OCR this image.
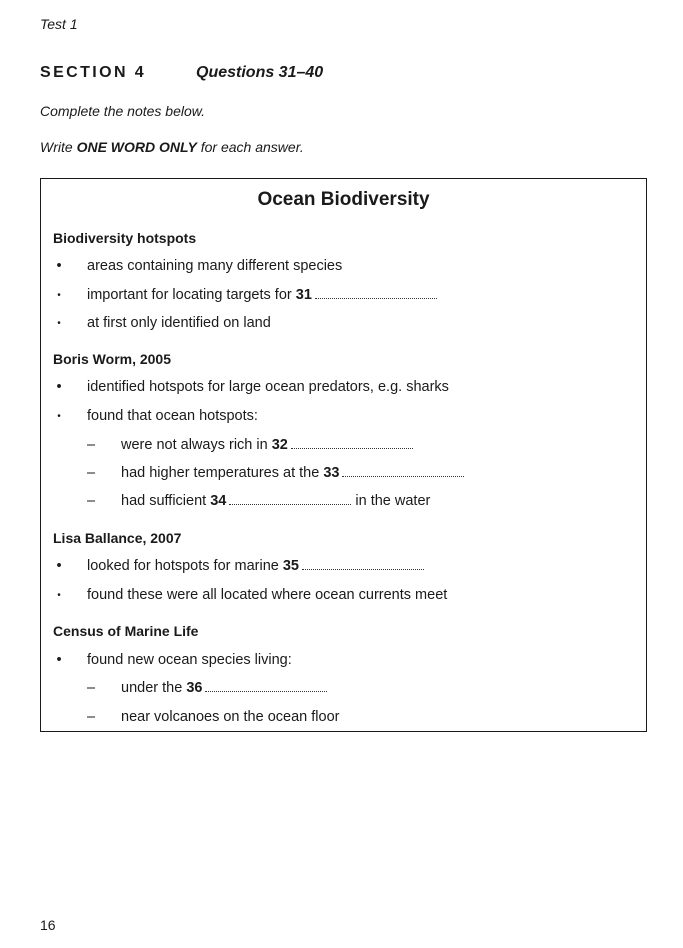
Test 1
SECTION 4	Questions 31–40
Complete the notes below.
Write ONE WORD ONLY for each answer.
Ocean Biodiversity
Biodiversity hotspots
• areas containing many different species
• important for locating targets for 31
• at first only identified on land
Boris Worm, 2005
• identified hotspots for large ocean predators, e.g. sharks
• found that ocean hotspots:
– were not always rich in 32
– had higher temperatures at the 33
– had sufficient 34	in the water
Lisa Ballance, 2007
• looked for hotspots for marine 35
• found these were all located where ocean currents meet
Census of Marine Life
• found new ocean species living:
– under the 36
– near volcanoes on the ocean floor
16
